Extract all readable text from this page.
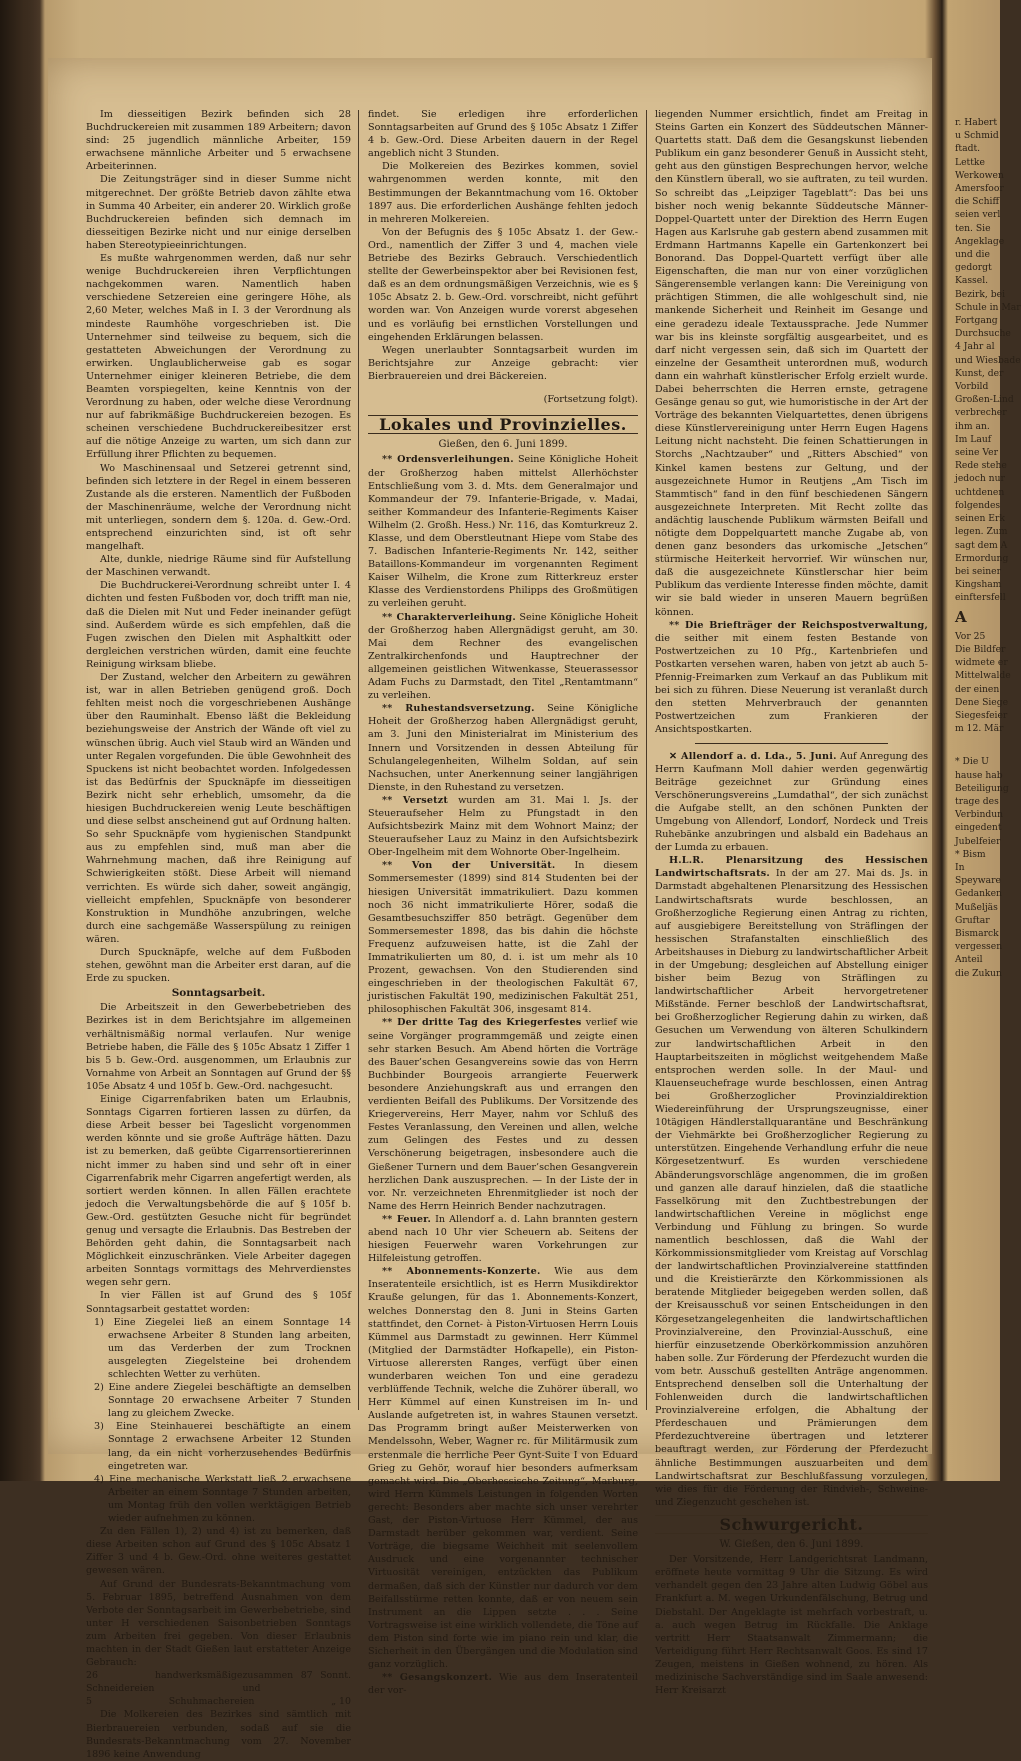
Im diesseitigen Bezirk befinden sich 28 Buchdruckereien mit zusammen 189 Arbeitern; davon sind: 25 jugendlich männliche Arbeiter, 159 erwachsene männliche Arbeiter und 5 erwachsene Arbeiterinnen.

Die Zeitungsträger sind in dieser Summe nicht mitgerechnet. Der größte Betrieb davon zählte etwa in Summa 40 Arbeiter, ein anderer 20. Wirklich große Buchdruckereien befinden sich demnach im diesseitigen Bezirke nicht und nur einige derselben haben Stereotypieeinrichtungen.

Es mußte wahrgenommen werden, daß nur sehr wenige Buchdruckereien ihren Verpflichtungen nachgekommen waren. Namentlich haben verschiedene Setzereien eine geringere Höhe, als 2,60 Meter, welches Maß in I. 3 der Verordnung als mindeste Raumhöhe vorgeschrieben ist. Die Unternehmer sind teilweise zu bequem, sich die gestatteten Abweichungen der Verordnung zu erwirken. Unglaublicherweise gab es sogar Unternehmer einiger kleineren Betriebe, die dem Beamten vorspiegelten, keine Kenntnis von der Verordnung zu haben, oder welche diese Verordnung nur auf fabrikmäßige Buchdruckereien bezogen. Es scheinen verschiedene Buchdruckereibesitzer erst auf die nötige Anzeige zu warten, um sich dann zur Erfüllung ihrer Pflichten zu bequemen.

Wo Maschinensaal und Setzerei getrennt sind, befinden sich letztere in der Regel in einem besseren Zustande als die ersteren. Namentlich der Fußboden der Maschinenräume, welche der Verordnung nicht mit unterliegen, sondern dem §. 120a. d. Gew.-Ord. entsprechend einzurichten sind, ist oft sehr mangelhaft.

Alte, dunkle, niedrige Räume sind für Aufstellung der Maschinen verwandt.

Die Buchdruckerei-Verordnung schreibt unter I. 4 dichten und festen Fußboden vor, doch trifft man nie, daß die Dielen mit Nut und Feder ineinander gefügt sind. Außerdem würde es sich empfehlen, daß die Fugen zwischen den Dielen mit Asphaltkitt oder dergleichen verstrichen würden, damit eine feuchte Reinigung wirksam bliebe.

Der Zustand, welcher den Arbeitern zu gewähren ist, war in allen Betrieben genügend groß. Doch fehlten meist noch die vorgeschriebenen Aushänge über den Rauminhalt. Ebenso läßt die Bekleidung beziehungsweise der Anstrich der Wände oft viel zu wünschen übrig. Auch viel Staub wird an Wänden und unter Regalen vorgefunden. Die üble Gewohnheit des Spuckens ist nicht beobachtet worden. Infolgedessen ist das Bedürfnis der Spucknäpfe im diesseitigen Bezirk nicht sehr erheblich, umsomehr, da die hiesigen Buchdruckereien wenig Leute beschäftigen und diese selbst anscheinend gut auf Ordnung halten. So sehr Spucknäpfe vom hygienischen Standpunkt aus zu empfehlen sind, muß man aber die Wahrnehmung machen, daß ihre Reinigung auf Schwierigkeiten stößt. Diese Arbeit will niemand verrichten. Es würde sich daher, soweit angängig, vielleicht empfehlen, Spucknäpfe von besonderer Konstruktion in Mundhöhe anzubringen, welche durch eine sachgemäße Wasserspülung zu reinigen wären.

Durch Spucknäpfe, welche auf dem Fußboden stehen, gewöhnt man die Arbeiter erst daran, auf die Erde zu spucken.

Sonntagsarbeit.

Die Arbeitszeit in den Gewerbebetrieben des Bezirkes ist in dem Berichtsjahre im allgemeinen verhältnismäßig normal verlaufen. Nur wenige Betriebe haben, die Fälle des § 105c Absatz 1 Ziffer 1 bis 5 b. Gew.-Ord. ausgenommen, um Erlaubnis zur Vornahme von Arbeit an Sonntagen auf Grund der §§ 105e Absatz 4 und 105f b. Gew.-Ord. nachgesucht.

Einige Cigarrenfabriken baten um Erlaubnis, Sonntags Cigarren fortieren lassen zu dürfen, da diese Arbeit besser bei Tageslicht vorgenommen werden könnte und sie große Aufträge hätten. Dazu ist zu bemerken, daß geübte Cigarrensortiererinnen nicht immer zu haben sind und sehr oft in einer Cigarrenfabrik mehr Cigarren angefertigt werden, als sortiert werden können. In allen Fällen erachtete jedoch die Verwaltungsbehörde die auf § 105f b. Gew.-Ord. gestützten Gesuche nicht für begründet genug und versagte die Erlaubnis. Das Bestreben der Behörden geht dahin, die Sonntagsarbeit nach Möglichkeit einzuschränken. Viele Arbeiter dagegen arbeiten Sonntags vormittags des Mehrverdienstes wegen sehr gern.

In vier Fällen ist auf Grund des § 105f Sonntagsarbeit gestattet worden:

1) Eine Ziegelei ließ an einem Sonntage 14 erwachsene Arbeiter 8 Stunden lang arbeiten, um das Verderben der zum Trocknen ausgelegten Ziegelsteine bei drohendem schlechten Wetter zu verhüten.

2) Eine andere Ziegelei beschäftigte an demselben Sonntage 20 erwachsene Arbeiter 7 Stunden lang zu gleichem Zwecke.

3) Eine Steinhauerei beschäftigte an einem Sonntage 2 erwachsene Arbeiter 12 Stunden lang, da ein nicht vorherzusehendes Bedürfnis eingetreten war.

4) Eine mechanische Werkstatt ließ 2 erwachsene Arbeiter an einem Sonntage 7 Stunden arbeiten, um Montag früh den vollen werktägigen Betrieb wieder aufnehmen zu können.

Zu den Fällen 1), 2) und 4) ist zu bemerken, daß diese Arbeiten schon auf Grund des § 105c Absatz 1 Ziffer 3 und 4 b. Gew.-Ord. ohne weiteres gestattet gewesen wären.

Auf Grund der Bundesrats-Bekanntmachung vom 5. Februar 1895, betreffend Ausnahmen von dem Verbote der Sonntagsarbeit im Gewerbebetriebe, sind unter H verschiedenen Saisonbetrieben Sonntags zum Arbeiten frei gegeben. Von dieser Erlaubnis machten in der Stadt Gießen laut erstatteter Anzeige Gebrauch:

26 handwerksmäßige Schneidereien
zusammen 87 Sonnt. und
5	Schuhmachereien	„ 10

Die Molkereien des Bezirkes sind sämtlich mit Bierbrauereien verbunden, sodaß auf sie die Bundesrats-Bekanntmachung vom 27. November 1896 keine Anwendung

findet. Sie erledigen ihre erforderlichen Sonntagsarbeiten auf Grund des § 105c Absatz 1 Ziffer 4 b. Gew.-Ord. Diese Arbeiten dauern in der Regel angeblich nicht 3 Stunden.

Die Molkereien des Bezirkes kommen, soviel wahrgenommen werden konnte, mit den Bestimmungen der Bekanntmachung vom 16. Oktober 1897 aus. Die erforderlichen Aushänge fehlten jedoch in mehreren Molkereien.

Von der Befugnis des § 105c Absatz 1. der Gew.-Ord., namentlich der Ziffer 3 und 4, machen viele Betriebe des Bezirks Gebrauch. Verschiedentlich stellte der Gewerbeinspektor aber bei Revisionen fest, daß es an dem ordnungsmäßigen Verzeichnis, wie es § 105c Absatz 2. b. Gew.-Ord. vorschreibt, nicht geführt worden war. Von Anzeigen wurde vorerst abgesehen und es vorläufig bei ernstlichen Vorstellungen und eingehenden Erklärungen belassen.

Wegen unerlaubter Sonntagsarbeit wurden im Berichtsjahre zur Anzeige gebracht: vier Bierbrauereien und drei Bäckereien.

(Fortsetzung folgt).

Lokales und Provinzielles.

Gießen, den 6. Juni 1899.

** Ordensverleihungen. Seine Königliche Hoheit der Großherzog haben mittelst Allerhöchster Entschließung vom 3. d. Mts. dem Generalmajor und Kommandeur der 79. Infanterie-Brigade, v. Madai, seither Kommandeur des Infanterie-Regiments Kaiser Wilhelm (2. Großh. Hess.) Nr. 116, das Komturkreuz 2. Klasse, und dem Oberstleutnant Hiepe vom Stabe des 7. Badischen Infanterie-Regiments Nr. 142, seither Bataillons-Kommandeur im vorgenannten Regiment Kaiser Wilhelm, die Krone zum Ritterkreuz erster Klasse des Verdienstordens Philipps des Großmütigen zu verleihen geruht.

** Charakterverleihung. Seine Königliche Hoheit der Großherzog haben Allergnädigst geruht, am 30. Mai dem Rechner des evangelischen Zentralkirchenfonds und Hauptrechner der allgemeinen geistlichen Witwenkasse, Steuerassessor Adam Fuchs zu Darmstadt, den Titel „Rentamtmann“ zu verleihen.

** Ruhestandsversetzung. Seine Königliche Hoheit der Großherzog haben Allergnädigst geruht, am 3. Juni den Ministerialrat im Ministerium des Innern und Vorsitzenden in dessen Abteilung für Schulangelegenheiten, Wilhelm Soldan, auf sein Nachsuchen, unter Anerkennung seiner langjährigen Dienste, in den Ruhestand zu versetzen.

** Versetzt wurden am 31. Mai l. Js. der Steueraufseher Helm zu Pfungstadt in den Aufsichtsbezirk Mainz mit dem Wohnort Mainz; der Steueraufseher Lauz zu Mainz in den Aufsichtsbezirk Ober-Ingelheim mit dem Wohnorte Ober-Ingelheim.

** Von der Universität. In diesem Sommersemester (1899) sind 814 Studenten bei der hiesigen Universität immatrikuliert. Dazu kommen noch 36 nicht immatrikulierte Hörer, sodaß die Gesamtbesuchsziffer 850 beträgt. Gegenüber dem Sommersemester 1898, das bis dahin die höchste Frequenz aufzuweisen hatte, ist die Zahl der Immatrikulierten um 80, d. i. ist um mehr als 10 Prozent, gewachsen. Von den Studierenden sind eingeschrieben in der theologischen Fakultät 67, juristischen Fakultät 190, medizinischen Fakultät 251, philosophischen Fakultät 306, insgesamt 814.

** Der dritte Tag des Kriegerfestes verlief wie seine Vorgänger programmgemäß und zeigte einen sehr starken Besuch. Am Abend hörten die Vorträge des Bauer’schen Gesangvereins sowie das von Herrn Buchbinder Bourgeois arrangierte Feuerwerk besondere Anziehungskraft aus und errangen den verdienten Beifall des Publikums. Der Vorsitzende des Kriegervereins, Herr Mayer, nahm vor Schluß des Festes Veranlassung, den Vereinen und allen, welche zum Gelingen des Festes und zu dessen Verschönerung beigetragen, insbesondere auch die Gießener Turnern und dem Bauer’schen Gesangverein herzlichen Dank auszusprechen. — In der Liste der in vor. Nr. verzeichneten Ehrenmitglieder ist noch der Name des Herrn Heinrich Bender nachzutragen.

** Feuer. In Allendorf a. d. Lahn brannten gestern abend nach 10 Uhr vier Scheuern ab. Seitens der hiesigen Feuerwehr waren Vorkehrungen zur Hilfeleistung getroffen.

** Abonnements-Konzerte. Wie aus dem Inseratenteile ersichtlich, ist es Herrn Musikdirektor Krauße gelungen, für das 1. Abonnements-Konzert, welches Donnerstag den 8. Juni in Steins Garten stattfindet, den Cornet- à Piston-Virtuosen Herrn Louis Kümmel aus Darmstadt zu gewinnen. Herr Kümmel (Mitglied der Darmstädter Hofkapelle), ein Piston-Virtuose allerersten Ranges, verfügt über einen wunderbaren weichen Ton und eine geradezu verblüffende Technik, welche die Zuhörer überall, wo Herr Kümmel auf einen Kunstreisen im In- und Auslande aufgetreten ist, in wahres Staunen versetzt. Das Programm bringt außer Meisterwerken von Mendelssohn, Weber, Wagner rc. für Militärmusik zum erstenmale die herrliche Peer Gynt-Suite I von Eduard Grieg zu Gehör, worauf hier besonders aufmerksam gemacht wird. Die „Oberhessische Zeitung“, Marburg, wird Herrn Kümmels Leistungen in folgenden Worten gerecht: Besonders aber machte sich unser verehrter Gast, der Piston-Virtuose Herr Kümmel, der aus Darmstadt herüber gekommen war, verdient. Seine Vorträge, die biegsame Weichheit mit seelenvollem Ausdruck und eine vorgenannter technischer Virtuosität vereinigen, entzückten das Publikum dermaßen, daß sich der Künstler nur dadurch vor dem Beifallsstürme retten konnte, daß er von neuem sein Instrument an die Lippen setzte . . . Seine Vortragsweise ist eine wirklich vollendete, die Töne auf dem Piston sind forte wie im piano rein und klar, die Sicherheit in den Übergängen und die Modulation sind ganz vorzüglich.

** Gesangskonzert. Wie aus dem Inseratenteil der vor-

liegenden Nummer ersichtlich, findet am Freitag in Steins Garten ein Konzert des Süddeutschen Männer-Quartetts statt. Daß dem die Gesangskunst liebenden Publikum ein ganz besonderer Genuß in Aussicht steht, geht aus den günstigen Besprechungen hervor, welche den Künstlern überall, wo sie auftraten, zu teil wurden. So schreibt das „Leipziger Tageblatt“: Das bei uns bisher noch wenig bekannte Süddeutsche Männer-Doppel-Quartett unter der Direktion des Herrn Eugen Hagen aus Karlsruhe gab gestern abend zusammen mit Erdmann Hartmanns Kapelle ein Gartenkonzert bei Bonorand. Das Doppel-Quartett verfügt über alle Eigenschaften, die man nur von einer vorzüglichen Sängerensemble verlangen kann: Die Vereinigung von prächtigen Stimmen, die alle wohlgeschult sind, nie mankende Sicherheit und Reinheit im Gesange und eine geradezu ideale Textaussprache. Jede Nummer war bis ins kleinste sorgfältig ausgearbeitet, und es darf nicht vergessen sein, daß sich im Quartett der einzelne der Gesamtheit unterordnen muß, wodurch dann ein wahrhaft künstlerischer Erfolg erzielt wurde. Dabei beherrschten die Herren ernste, getragene Gesänge genau so gut, wie humoristische in der Art der Vorträge des bekannten Vielquartettes, denen übrigens diese Künstlervereinigung unter Herrn Eugen Hagens Leitung nicht nachsteht. Die feinen Schattierungen in Storchs „Nachtzauber“ und „Ritters Abschied“ von Kinkel kamen bestens zur Geltung, und der ausgezeichnete Humor in Reutjens „Am Tisch im Stammtisch“ fand in den fünf beschiedenen Sängern ausgezeichnete Interpreten. Mit Recht zollte das andächtig lauschende Publikum wärmsten Beifall und nötigte dem Doppelquartett manche Zugabe ab, von denen ganz besonders das urkomische „Jetschen“ stürmische Heiterkeit hervorrief. Wir wünschen nur, daß die ausgezeichnete Künstlerschar hier beim Publikum das verdiente Interesse finden möchte, damit wir sie bald wieder in unseren Mauern begrüßen können.

** Die Briefträger der Reichspostverwaltung, die seither mit einem festen Bestande von Postwertzeichen zu 10 Pfg., Kartenbriefen und Postkarten versehen waren, haben von jetzt ab auch 5-Pfennig-Freimarken zum Verkauf an das Publikum mit bei sich zu führen. Diese Neuerung ist veranlaßt durch den stetten Mehrverbrauch der genannten Postwertzeichen zum Frankieren der Ansichtspostkarten.

✕ Allendorf a. d. Lda., 5. Juni. Auf Anregung des Herrn Kaufmann Moll dahier werden gegenwärtig Beiträge gezeichnet zur Gründung eines Verschönerungsvereins „Lumdathal“, der sich zunächst die Aufgabe stellt, an den schönen Punkten der Umgebung von Allendorf, Londorf, Nordeck und Treis Ruhebänke anzubringen und alsbald ein Badehaus an der Lumda zu erbauen.

H.L.R. Plenarsitzung des Hessischen Landwirtschaftsrats. In der am 27. Mai ds. Js. in Darmstadt abgehaltenen Plenarsitzung des Hessischen Landwirtschaftsrats wurde beschlossen, an Großherzogliche Regierung einen Antrag zu richten, auf ausgiebigere Bereitstellung von Sträflingen der hessischen Strafanstalten einschließlich des Arbeitshauses in Dieburg zu landwirtschaftlicher Arbeit in der Umgebung; desgleichen auf Abstellung einiger bisher beim Bezug von Sträflingen zu landwirtschaftlicher Arbeit hervorgetretener Mißstände. Ferner beschloß der Landwirtschaftsrat, bei Großherzoglicher Regierung dahin zu wirken, daß Gesuchen um Verwendung von älteren Schulkindern zur landwirtschaftlichen Arbeit in den Hauptarbeitszeiten in möglichst weitgehendem Maße entsprochen werden solle. In der Maul- und Klauenseuchefrage wurde beschlossen, einen Antrag bei Großherzoglicher Provinzialdirektion Wiedereinführung der Ursprungszeugnisse, einer 10tägigen Händlerstallquarantäne und Beschränkung der Viehmärkte bei Großherzoglicher Regierung zu unterstützen. Eingehende Verhandlung erfuhr die neue Körgesetzentwurf. Es wurden verschiedene Abänderungsvorschläge angenommen, die im großen und ganzen alle darauf hinzielen, daß die staatliche Fasselkörung mit den Zuchtbestrebungen der landwirtschaftlichen Vereine in möglichst enge Verbindung und Fühlung zu bringen. So wurde namentlich beschlossen, daß die Wahl der Körkommissionsmitglieder vom Kreistag auf Vorschlag der landwirtschaftlichen Provinzialvereine stattfinden und die Kreistierärzte den Körkommissionen als beratende Mitglieder beigegeben werden sollen, daß der Kreisausschuß vor seinen Entscheidungen in den Körgesetzangelegenheiten die landwirtschaftlichen Provinzialvereine, den Provinzial-Ausschuß, eine hierfür einzusetzende Oberkörkommission anzuhören haben solle. Zur Förderung der Pferdezucht wurden die vom betr. Ausschuß gestellten Anträge angenommen. Entsprechend denselben soll die Unterhaltung der Fohlenweiden durch die landwirtschaftlichen Provinzialvereine erfolgen, die Abhaltung der Pferdeschauen und Prämierungen dem Pferdezuchtvereine übertragen und letzterer beauftragt werden, zur Förderung der Pferdezucht ähnliche Bestimmungen auszuarbeiten und dem Landwirtschaftsrat zur Beschlußfassung vorzulegen, wie dies für die Förderung der Rindvieh-, Schweine- und Ziegenzucht geschehen ist.

Schwurgericht.

W. Gießen, den 6. Juni 1899.

Der Vorsitzende, Herr Landgerichtsrat Landmann, eröffnete heute vormittag 9 Uhr die Sitzung. Es wird verhandelt gegen den 23 Jahre alten Ludwig Göbel aus Frankfurt a. M. wegen Urkundenfälschung, Betrug und Diebstahl. Der Angeklagte ist mehrfach vorbestraft, u. a. auch wegen Betrug im Rückfalle. Die Anklage vertritt Herr Staatsanwalt Zimmermann; die Verteidigung führt Herr Rechtsanwalt Goos. Es sind 17 Zeugen, meistens in Gießen wohnend, zu hören. Als medizinische Sachverständige sind im Saale anwesend: Herr Kreisarzt

r. Habert
u Schmid
ftadt.
Lettke
Werkowen
Amersfoor
die Schiff
seien verl
ten. Sie
Angeklage
und die
gedorgt
Kassel.
Bezirk, bei
Schule in Mar
Fortgang
Durchsuche
4 Jahr al
und Wiesbade
Kunst, der
Vorbild
Großen-Lind
verbrecher
ihm an.
Im Lauf
seine Ver
Rede stehe
jedoch nur
uchtdenen
folgendes
seinen Erk
legen. Zum
sagt dem A
Ermordung
bei seiner
Kingsham
einftersfell
A
Vor 25
Die Bildfer
widmete er
Mittelwalde
der einen
Dene Siege
Siegesfeier
m 12. Mär
* Die U
hause hab
Beteiligung
trage des
Verbindun
eingedent
Jubelfeier
* Bism
In
Speyware
Gedanken
Mußeljäs
Gruftar
Bismarck
vergessen
Anteil
die Zukun
